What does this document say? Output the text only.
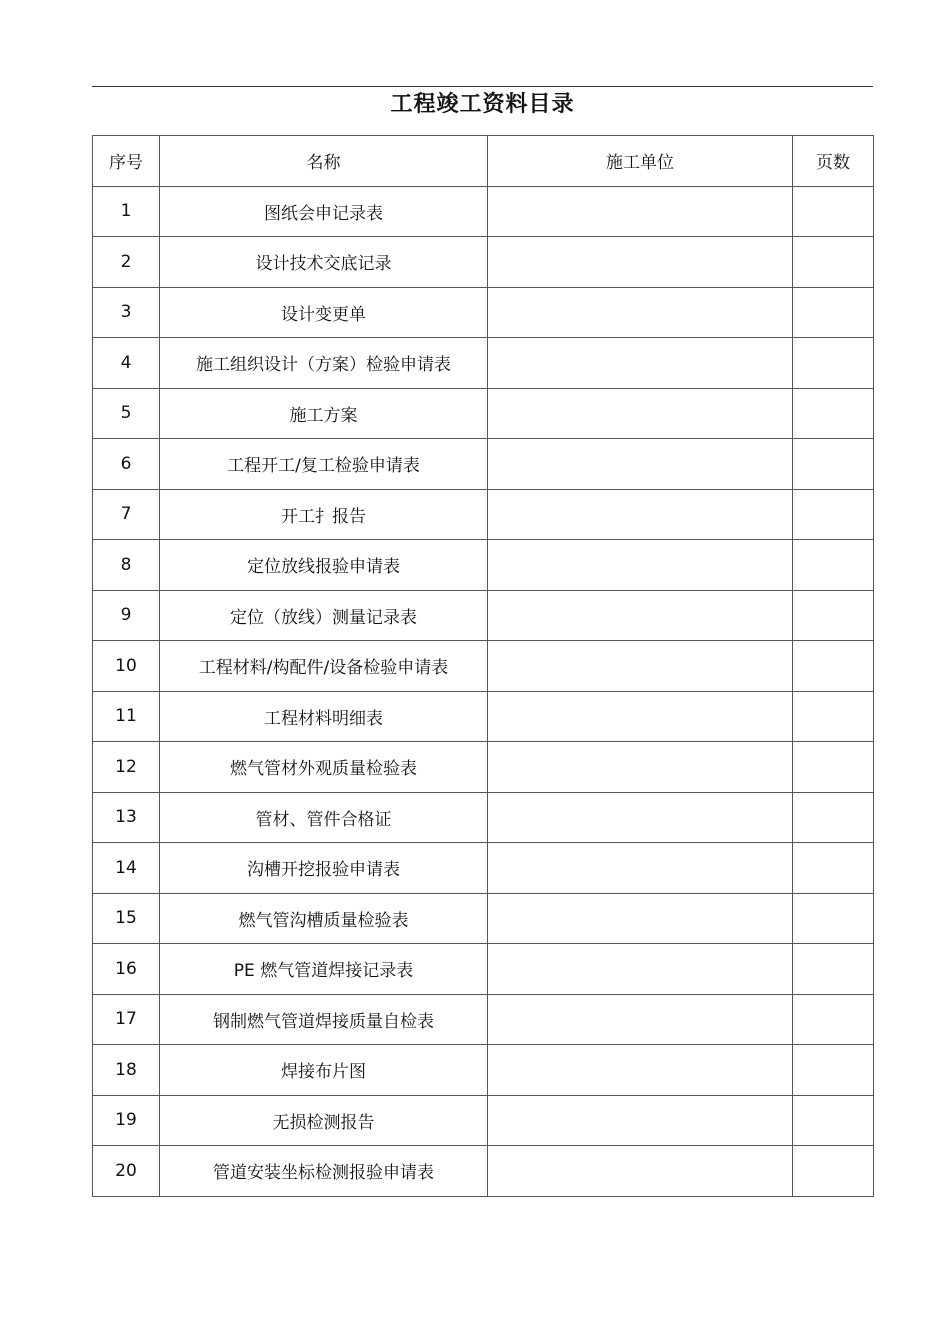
工程竣工资料目录
序号	名称	施工单位	页数
1	图纸会申记录表		
2	设计技术交底记录		
3	设计变更单		
4	施工组织设计（方案）检验申请表		
5	施工方案		
6	工程开工/复工检验申请表		
7	开工扌报告		
8	定位放线报验申请表		
9	定位（放线）测量记录表		
10	工程材料/构配件/设备检验申请表		
11	工程材料明细表		
12	燃气管材外观质量检验表		
13	管材、管件合格证		
14	沟槽开挖报验申请表		
15	燃气管沟槽质量检验表		
16	PE 燃气管道焊接记录表		
17	钢制燃气管道焊接质量自检表		
18	焊接布片图		
19	无损检测报告		
20	管道安装坐标检测报验申请表		
